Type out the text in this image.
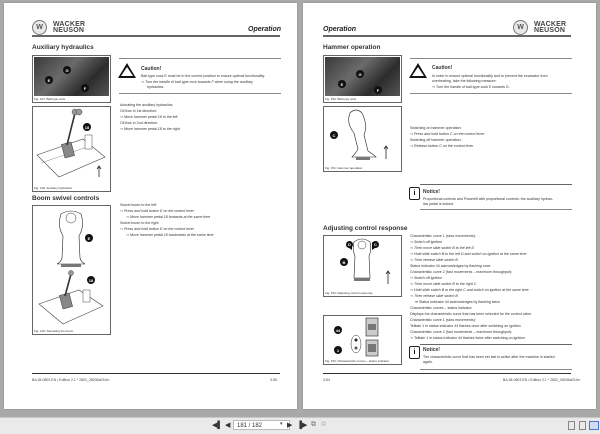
W	WACKER
NEUSON	Operation
Auxiliary hydraulics
G
E
F
Fig. 147: Ball-type cock
18
Fig. 148: Auxiliary hydraulics
Caution!
Ball-type cock E must be in the correct position to ensure optimal functionality.
⇒ Turn the handle of ball-type cock towards F when using the auxiliary
hydraulics.
Actuating the auxiliary hydraulics:
Oil flow in 1st direction:
⇒ Move hammer pedal 18 to the left
Oil flow in 2nd direction:
⇒ Move hammer pedal 18 to the right
Boom swivel controls
E
18
Fig. 149: Swivelling the boom
Swivel boom to the left:
⇒ Press and hold button E on the control lever
⇒ Move hammer pedal 18 forwards at the same time
Swivel boom to the right:
⇒ Press and hold button E on the control lever
⇒ Move hammer pedal 18 backwards at the same time
BA 28-0803 EN • Edition 2.1 * 2802_28036a03.fm	3-55
Operation	W	WACKER
NEUSON
Hammer operation
G
E
F
Fig. 150: Ball-type cock
C
Fig. 151: Hammer operation
Caution!
In order to ensure optimal functionality and to prevent the excavator from
overheating, take the following measure:
⇒ Turn the handle of ball-type cock E towards G.
Switching on hammer operation:
⇒ Press and hold button C on the control lever
Switching off hammer operation:
⇒ Release button C on the control lever
i	Notice!
Proportional controls and Powertilt with proportional controls: the auxiliary hydrau-
lics pedal is locked.
Adjusting control response
D	C
B
Fig. 152: Adjusting control response
44
1
Fig. 153: Characteristic curves – status indicator
Characteristic curve 1 (slow movements):
⇒ Switch off ignition
⇒ Then move slide switch B to the left D
⇒ Hold slide switch B to the left D and switch on ignition at the same time
⇒ Then release slide switch B
Status indicator 44 acknowledges by flashing once
Characteristic curve 2 (fast movements – maximum throughput):
⇒ Switch off ignition
⇒ Then move slide switch B to the right C
⇒ Hold slide switch B to the right C and switch on ignition at the same time
⇒ Then release slide switch B
➡ Status indicator 44 acknowledges by flashing twice
Characteristic curves – status indicator
Displays the characteristic curve that has been selected for the control valve.
Characteristic curve 1 (slow movements):
Telltale 1 in status indicator 44 flashes once after switching on ignition
Characteristic curve 2 (fast movements – maximum throughput):
⇒ Telltale 1 in status indicator 44 flashes twice after switching on ignition
i	Notice!
The characteristic curve that has been set last is active after the machine is started
again.
3-54	BA 28-0803 EN • Edition 2.1 * 2802_28036a03.fm
◀▌ ◀	181 / 182	▾ ▶ ▐▶ ⧉ ⧉
